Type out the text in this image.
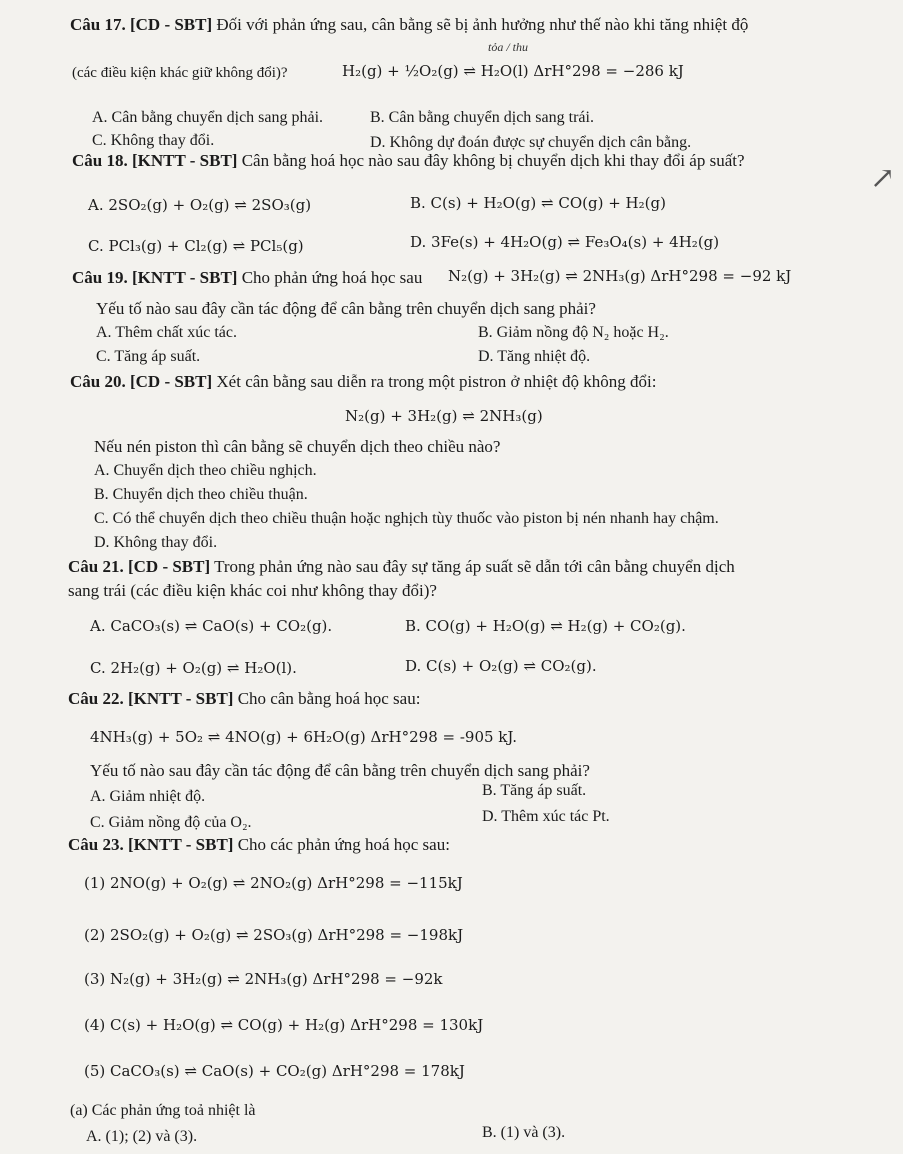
Câu 17. [CD - SBT] Đối với phản ứng sau, cân bằng sẽ bị ảnh hưởng như thế nào khi tăng nhiệt độ
(các điều kiện khác giữ không đổi)?	H₂(g) + ½O₂(g) ⇌ H₂O(l) ΔrH°298 = −286 kJ
tỏa / thu
A. Cân bằng chuyển dịch sang phải.	B. Cân bằng chuyển dịch sang trái.
C. Không thay đổi.	D. Không dự đoán được sự chuyển dịch cân bằng.
Câu 18. [KNTT - SBT] Cân bằng hoá học nào sau đây không bị chuyển dịch khi thay đổi áp suất?
A. 2SO₂(g) + O₂(g) ⇌ 2SO₃(g)	B. C(s) + H₂O(g) ⇌ CO(g) + H₂(g)
C. PCl₃(g) + Cl₂(g) ⇌ PCl₅(g)	D. 3Fe(s) + 4H₂O(g) ⇌ Fe₃O₄(s) + 4H₂(g)
↗
Câu 19. [KNTT - SBT] Cho phản ứng hoá học sau N₂(g) + 3H₂(g) ⇌ 2NH₃(g) ΔrH°298 = −92 kJ
Yếu tố nào sau đây cần tác động để cân bằng trên chuyển dịch sang phải?
A. Thêm chất xúc tác.	B. Giảm nồng độ N₂ hoặc H₂.
C. Tăng áp suất.	D. Tăng nhiệt độ.
Câu 20. [CD - SBT] Xét cân bằng sau diễn ra trong một pistron ở nhiệt độ không đổi:
N₂(g) + 3H₂(g) ⇌ 2NH₃(g)
Nếu nén piston thì cân bằng sẽ chuyển dịch theo chiều nào?
A. Chuyển dịch theo chiều nghịch.
B. Chuyển dịch theo chiều thuận.
C. Có thể chuyển dịch theo chiều thuận hoặc nghịch tùy thuốc vào piston bị nén nhanh hay chậm.
D. Không thay đổi.
Câu 21. [CD - SBT] Trong phản ứng nào sau đây sự tăng áp suất sẽ dẫn tới cân bằng chuyển dịch
sang trái (các điều kiện khác coi như không thay đổi)?
A. CaCO₃(s) ⇌ CaO(s) + CO₂(g).	B. CO(g) + H₂O(g) ⇌ H₂(g) + CO₂(g).
C. 2H₂(g) + O₂(g) ⇌ H₂O(l).	D. C(s) + O₂(g) ⇌ CO₂(g).
Câu 22. [KNTT - SBT] Cho cân bằng hoá học sau:
4NH₃(g) + 5O₂ ⇌ 4NO(g) + 6H₂O(g) ΔrH°298 = -905 kJ.
Yếu tố nào sau đây cần tác động để cân bằng trên chuyển dịch sang phải?
A. Giảm nhiệt độ.	B. Tăng áp suất.
C. Giảm nồng độ của O₂.	D. Thêm xúc tác Pt.
Câu 23. [KNTT - SBT] Cho các phản ứng hoá học sau:
(1) 2NO(g) + O₂(g) ⇌ 2NO₂(g) ΔrH°298 = −115kJ
(2) 2SO₂(g) + O₂(g) ⇌ 2SO₃(g) ΔrH°298 = −198kJ
(3) N₂(g) + 3H₂(g) ⇌ 2NH₃(g) ΔrH°298 = −92k
(4) C(s) + H₂O(g) ⇌ CO(g) + H₂(g) ΔrH°298 = 130kJ
(5) CaCO₃(s) ⇌ CaO(s) + CO₂(g) ΔrH°298 = 178kJ
(a) Các phản ứng toả nhiệt là
A. (1); (2) và (3).	B. (1) và (3).
